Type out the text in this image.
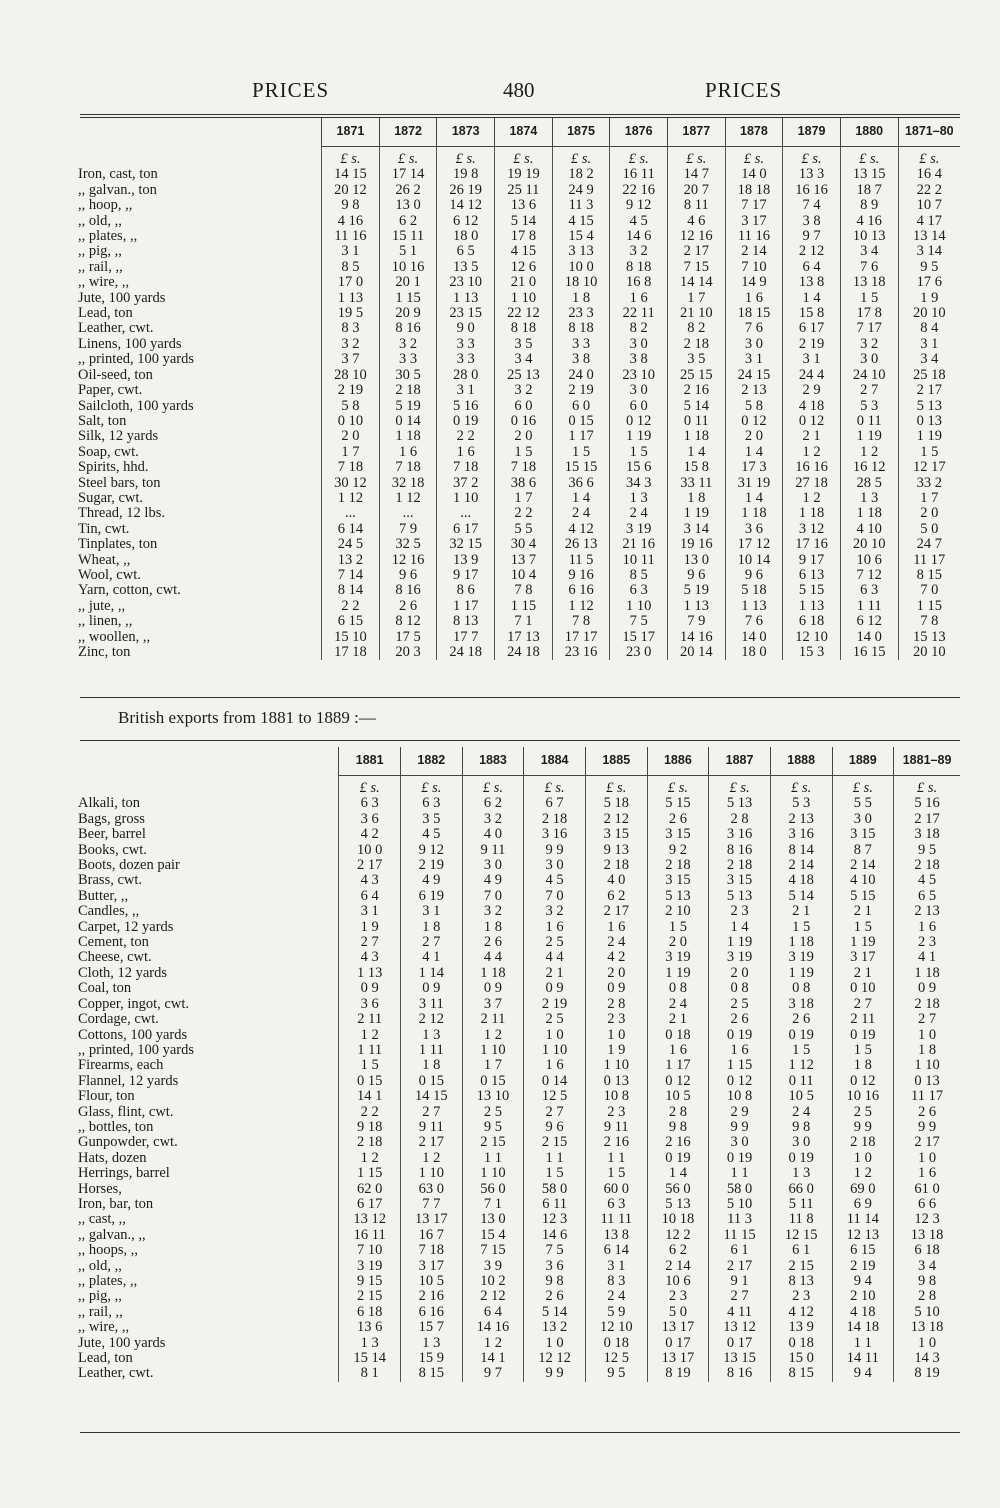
PRICES	480	PRICES
	1871	1872	1873	1874	1875	1876	1877	1878	1879	1880	1871–80
	£ s.	£ s.	£ s.	£ s.	£ s.	£ s.	£ s.	£ s.	£ s.	£ s.	£ s.
Iron, cast, ton	14 15	17 14	19 8	19 19	18 2	16 11	14 7	14 0	13 3	13 15	16 4
,, galvan., ton	20 12	26 2	26 19	25 11	24 9	22 16	20 7	18 18	16 16	18 7	22 2
,, hoop, ,,	9 8	13 0	14 12	13 6	11 3	9 12	8 11	7 17	7 4	8 9	10 7
,, old, ,,	4 16	6 2	6 12	5 14	4 15	4 5	4 6	3 17	3 8	4 16	4 17
,, plates, ,,	11 16	15 11	18 0	17 8	15 4	14 6	12 16	11 16	9 7	10 13	13 14
,, pig, ,,	3 1	5 1	6 5	4 15	3 13	3 2	2 17	2 14	2 12	3 4	3 14
,, rail, ,,	8 5	10 16	13 5	12 6	10 0	8 18	7 15	7 10	6 4	7 6	9 5
,, wire, ,,	17 0	20 1	23 10	21 0	18 10	16 8	14 14	14 9	13 8	13 18	17 6
Jute, 100 yards	1 13	1 15	1 13	1 10	1 8	1 6	1 7	1 6	1 4	1 5	1 9
Lead, ton	19 5	20 9	23 15	22 12	23 3	22 11	21 10	18 15	15 8	17 8	20 10
Leather, cwt.	8 3	8 16	9 0	8 18	8 18	8 2	8 2	7 6	6 17	7 17	8 4
Linens, 100 yards	3 2	3 2	3 3	3 5	3 3	3 0	2 18	3 0	2 19	3 2	3 1
,, printed, 100 yards	3 7	3 3	3 3	3 4	3 8	3 8	3 5	3 1	3 1	3 0	3 4
Oil-seed, ton	28 10	30 5	28 0	25 13	24 0	23 10	25 15	24 15	24 4	24 10	25 18
Paper, cwt.	2 19	2 18	3 1	3 2	2 19	3 0	2 16	2 13	2 9	2 7	2 17
Sailcloth, 100 yards	5 8	5 19	5 16	6 0	6 0	6 0	5 14	5 8	4 18	5 3	5 13
Salt, ton	0 10	0 14	0 19	0 16	0 15	0 12	0 11	0 12	0 12	0 11	0 13
Silk, 12 yards	2 0	1 18	2 2	2 0	1 17	1 19	1 18	2 0	2 1	1 19	1 19
Soap, cwt.	1 7	1 6	1 6	1 5	1 5	1 5	1 4	1 4	1 2	1 2	1 5
Spirits, hhd.	7 18	7 18	7 18	7 18	15 15	15 6	15 8	17 3	16 16	16 12	12 17
Steel bars, ton	30 12	32 18	37 2	38 6	36 6	34 3	33 11	31 19	27 18	28 5	33 2
Sugar, cwt.	1 12	1 12	1 10	1 7	1 4	1 3	1 8	1 4	1 2	1 3	1 7
Thread, 12 lbs.	...	...	...	2 2	2 4	2 4	1 19	1 18	1 18	1 18	2 0
Tin, cwt.	6 14	7 9	6 17	5 5	4 12	3 19	3 14	3 6	3 12	4 10	5 0
Tinplates, ton	24 5	32 5	32 15	30 4	26 13	21 16	19 16	17 12	17 16	20 10	24 7
Wheat, ,,	13 2	12 16	13 9	13 7	11 5	10 11	13 0	10 14	9 17	10 6	11 17
Wool, cwt.	7 14	9 6	9 17	10 4	9 16	8 5	9 6	9 6	6 13	7 12	8 15
Yarn, cotton, cwt.	8 14	8 16	8 6	7 8	6 16	6 3	5 19	5 18	5 15	6 3	7 0
,, jute, ,,	2 2	2 6	1 17	1 15	1 12	1 10	1 13	1 13	1 13	1 11	1 15
,, linen, ,,	6 15	8 12	8 13	7 1	7 8	7 5	7 9	7 6	6 18	6 12	7 8
,, woollen, ,,	15 10	17 5	17 7	17 13	17 17	15 17	14 16	14 0	12 10	14 0	15 13
Zinc, ton	17 18	20 3	24 18	24 18	23 16	23 0	20 14	18 0	15 3	16 15	20 10
British exports from 1881 to 1889 :—
	1881	1882	1883	1884	1885	1886	1887	1888	1889	1881–89
	£ s.	£ s.	£ s.	£ s.	£ s.	£ s.	£ s.	£ s.	£ s.	£ s.
Alkali, ton	6 3	6 3	6 2	6 7	5 18	5 15	5 13	5 3	5 5	5 16
Bags, gross	3 6	3 5	3 2	2 18	2 12	2 6	2 8	2 13	3 0	2 17
Beer, barrel	4 2	4 5	4 0	3 16	3 15	3 15	3 16	3 16	3 15	3 18
Books, cwt.	10 0	9 12	9 11	9 9	9 13	9 2	8 16	8 14	8 7	9 5
Boots, dozen pair	2 17	2 19	3 0	3 0	2 18	2 18	2 18	2 14	2 14	2 18
Brass, cwt.	4 3	4 9	4 9	4 5	4 0	3 15	3 15	4 18	4 10	4 5
Butter, ,,	6 4	6 19	7 0	7 0	6 2	5 13	5 13	5 14	5 15	6 5
Candles, ,,	3 1	3 1	3 2	3 2	2 17	2 10	2 3	2 1	2 1	2 13
Carpet, 12 yards	1 9	1 8	1 8	1 6	1 6	1 5	1 4	1 5	1 5	1 6
Cement, ton	2 7	2 7	2 6	2 5	2 4	2 0	1 19	1 18	1 19	2 3
Cheese, cwt.	4 3	4 1	4 4	4 4	4 2	3 19	3 19	3 19	3 17	4 1
Cloth, 12 yards	1 13	1 14	1 18	2 1	2 0	1 19	2 0	1 19	2 1	1 18
Coal, ton	0 9	0 9	0 9	0 9	0 9	0 8	0 8	0 8	0 10	0 9
Copper, ingot, cwt.	3 6	3 11	3 7	2 19	2 8	2 4	2 5	3 18	2 7	2 18
Cordage, cwt.	2 11	2 12	2 11	2 5	2 3	2 1	2 6	2 6	2 11	2 7
Cottons, 100 yards	1 2	1 3	1 2	1 0	1 0	0 18	0 19	0 19	0 19	1 0
,, printed, 100 yards	1 11	1 11	1 10	1 10	1 9	1 6	1 6	1 5	1 5	1 8
Firearms, each	1 5	1 8	1 7	1 6	1 10	1 17	1 15	1 12	1 8	1 10
Flannel, 12 yards	0 15	0 15	0 15	0 14	0 13	0 12	0 12	0 11	0 12	0 13
Flour, ton	14 1	14 15	13 10	12 5	10 8	10 5	10 8	10 5	10 16	11 17
Glass, flint, cwt.	2 2	2 7	2 5	2 7	2 3	2 8	2 9	2 4	2 5	2 6
,, bottles, ton	9 18	9 11	9 5	9 6	9 11	9 8	9 9	9 8	9 9	9 9
Gunpowder, cwt.	2 18	2 17	2 15	2 15	2 16	2 16	3 0	3 0	2 18	2 17
Hats, dozen	1 2	1 2	1 1	1 1	1 1	0 19	0 19	0 19	1 0	1 0
Herrings, barrel	1 15	1 10	1 10	1 5	1 5	1 4	1 1	1 3	1 2	1 6
Horses,	62 0	63 0	56 0	58 0	60 0	56 0	58 0	66 0	69 0	61 0
Iron, bar, ton	6 17	7 7	7 1	6 11	6 3	5 13	5 10	5 11	6 9	6 6
,, cast, ,,	13 12	13 17	13 0	12 3	11 11	10 18	11 3	11 8	11 14	12 3
,, galvan., ,,	16 11	16 7	15 4	14 6	13 8	12 2	11 15	12 15	12 13	13 18
,, hoops, ,,	7 10	7 18	7 15	7 5	6 14	6 2	6 1	6 1	6 15	6 18
,, old, ,,	3 19	3 17	3 9	3 6	3 1	2 14	2 17	2 15	2 19	3 4
,, plates, ,,	9 15	10 5	10 2	9 8	8 3	10 6	9 1	8 13	9 4	9 8
,, pig, ,,	2 15	2 16	2 12	2 6	2 4	2 3	2 7	2 3	2 10	2 8
,, rail, ,,	6 18	6 16	6 4	5 14	5 9	5 0	4 11	4 12	4 18	5 10
,, wire, ,,	13 6	15 7	14 16	13 2	12 10	13 17	13 12	13 9	14 18	13 18
Jute, 100 yards	1 3	1 3	1 2	1 0	0 18	0 17	0 17	0 18	1 1	1 0
Lead, ton	15 14	15 9	14 1	12 12	12 5	13 17	13 15	15 0	14 11	14 3
Leather, cwt.	8 1	8 15	9 7	9 9	9 5	8 19	8 16	8 15	9 4	8 19
